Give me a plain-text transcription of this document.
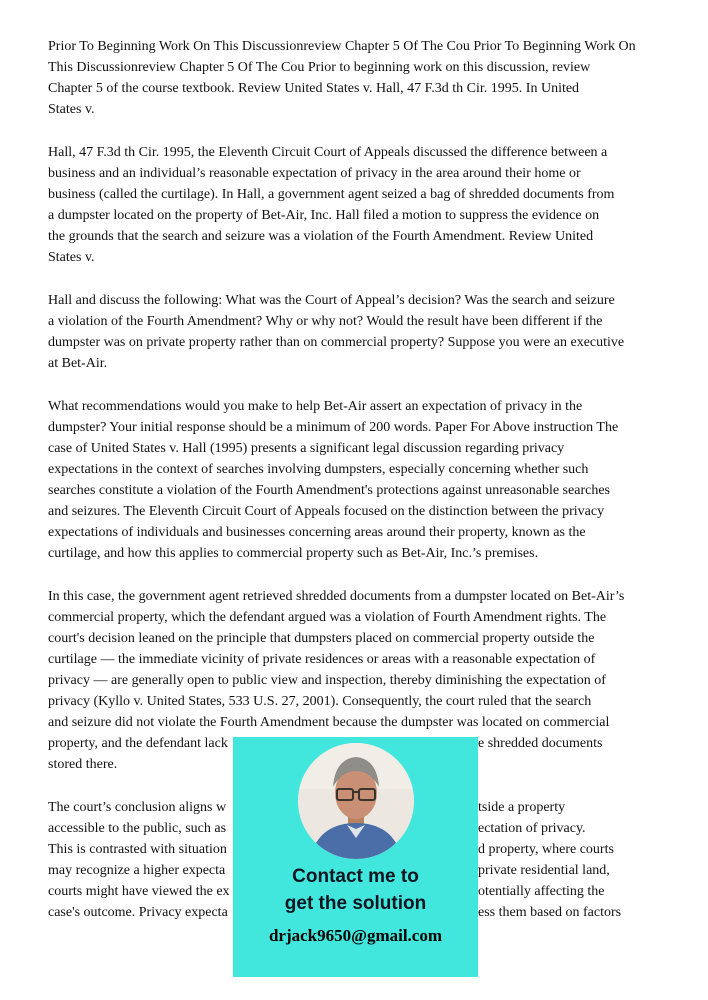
Prior To Beginning Work On This Discussionreview Chapter 5 Of The Cou Prior To Beginning Work On
This Discussionreview Chapter 5 Of The Cou Prior to beginning work on this discussion, review
Chapter 5 of the course textbook. Review United States v. Hall, 47 F.3d th Cir. 1995. In United
States v.
Hall, 47 F.3d th Cir. 1995, the Eleventh Circuit Court of Appeals discussed the difference between a
business and an individual’s reasonable expectation of privacy in the area around their home or
business (called the curtilage). In Hall, a government agent seized a bag of shredded documents from
a dumpster located on the property of Bet-Air, Inc. Hall filed a motion to suppress the evidence on
the grounds that the search and seizure was a violation of the Fourth Amendment. Review United
States v.
Hall and discuss the following: What was the Court of Appeal’s decision? Was the search and seizure
a violation of the Fourth Amendment? Why or why not? Would the result have been different if the
dumpster was on private property rather than on commercial property? Suppose you were an executive
at Bet-Air.
What recommendations would you make to help Bet-Air assert an expectation of privacy in the
dumpster? Your initial response should be a minimum of 200 words. Paper For Above instruction The
case of United States v. Hall (1995) presents a significant legal discussion regarding privacy
expectations in the context of searches involving dumpsters, especially concerning whether such
searches constitute a violation of the Fourth Amendment's protections against unreasonable searches
and seizures. The Eleventh Circuit Court of Appeals focused on the distinction between the privacy
expectations of individuals and businesses concerning areas around their property, known as the
curtilage, and how this applies to commercial property such as Bet-Air, Inc.’s premises.
In this case, the government agent retrieved shredded documents from a dumpster located on Bet-Air’s
commercial property, which the defendant argued was a violation of Fourth Amendment rights. The
court's decision leaned on the principle that dumpsters placed on commercial property outside the
curtilage — the immediate vicinity of private residences or areas with a reasonable expectation of
privacy — are generally open to public view and inspection, thereby diminishing the expectation of
privacy (Kyllo v. United States, 533 U.S. 27, 2001). Consequently, the court ruled that the search
and seizure did not violate the Fourth Amendment because the dumpster was located on commercial
property, and the defendant lack	e shredded documents
stored there.
The court’s conclusion aligns w	tside a property
accessible to the public, such as	ectation of privacy.
This is contrasted with situation	d property, where courts
may recognize a higher expecta	private residential land,
courts might have viewed the ex	otentially affecting the
case's outcome. Privacy expecta	ess them based on factors
Contact me to
get the solution
drjack9650@gmail.com
